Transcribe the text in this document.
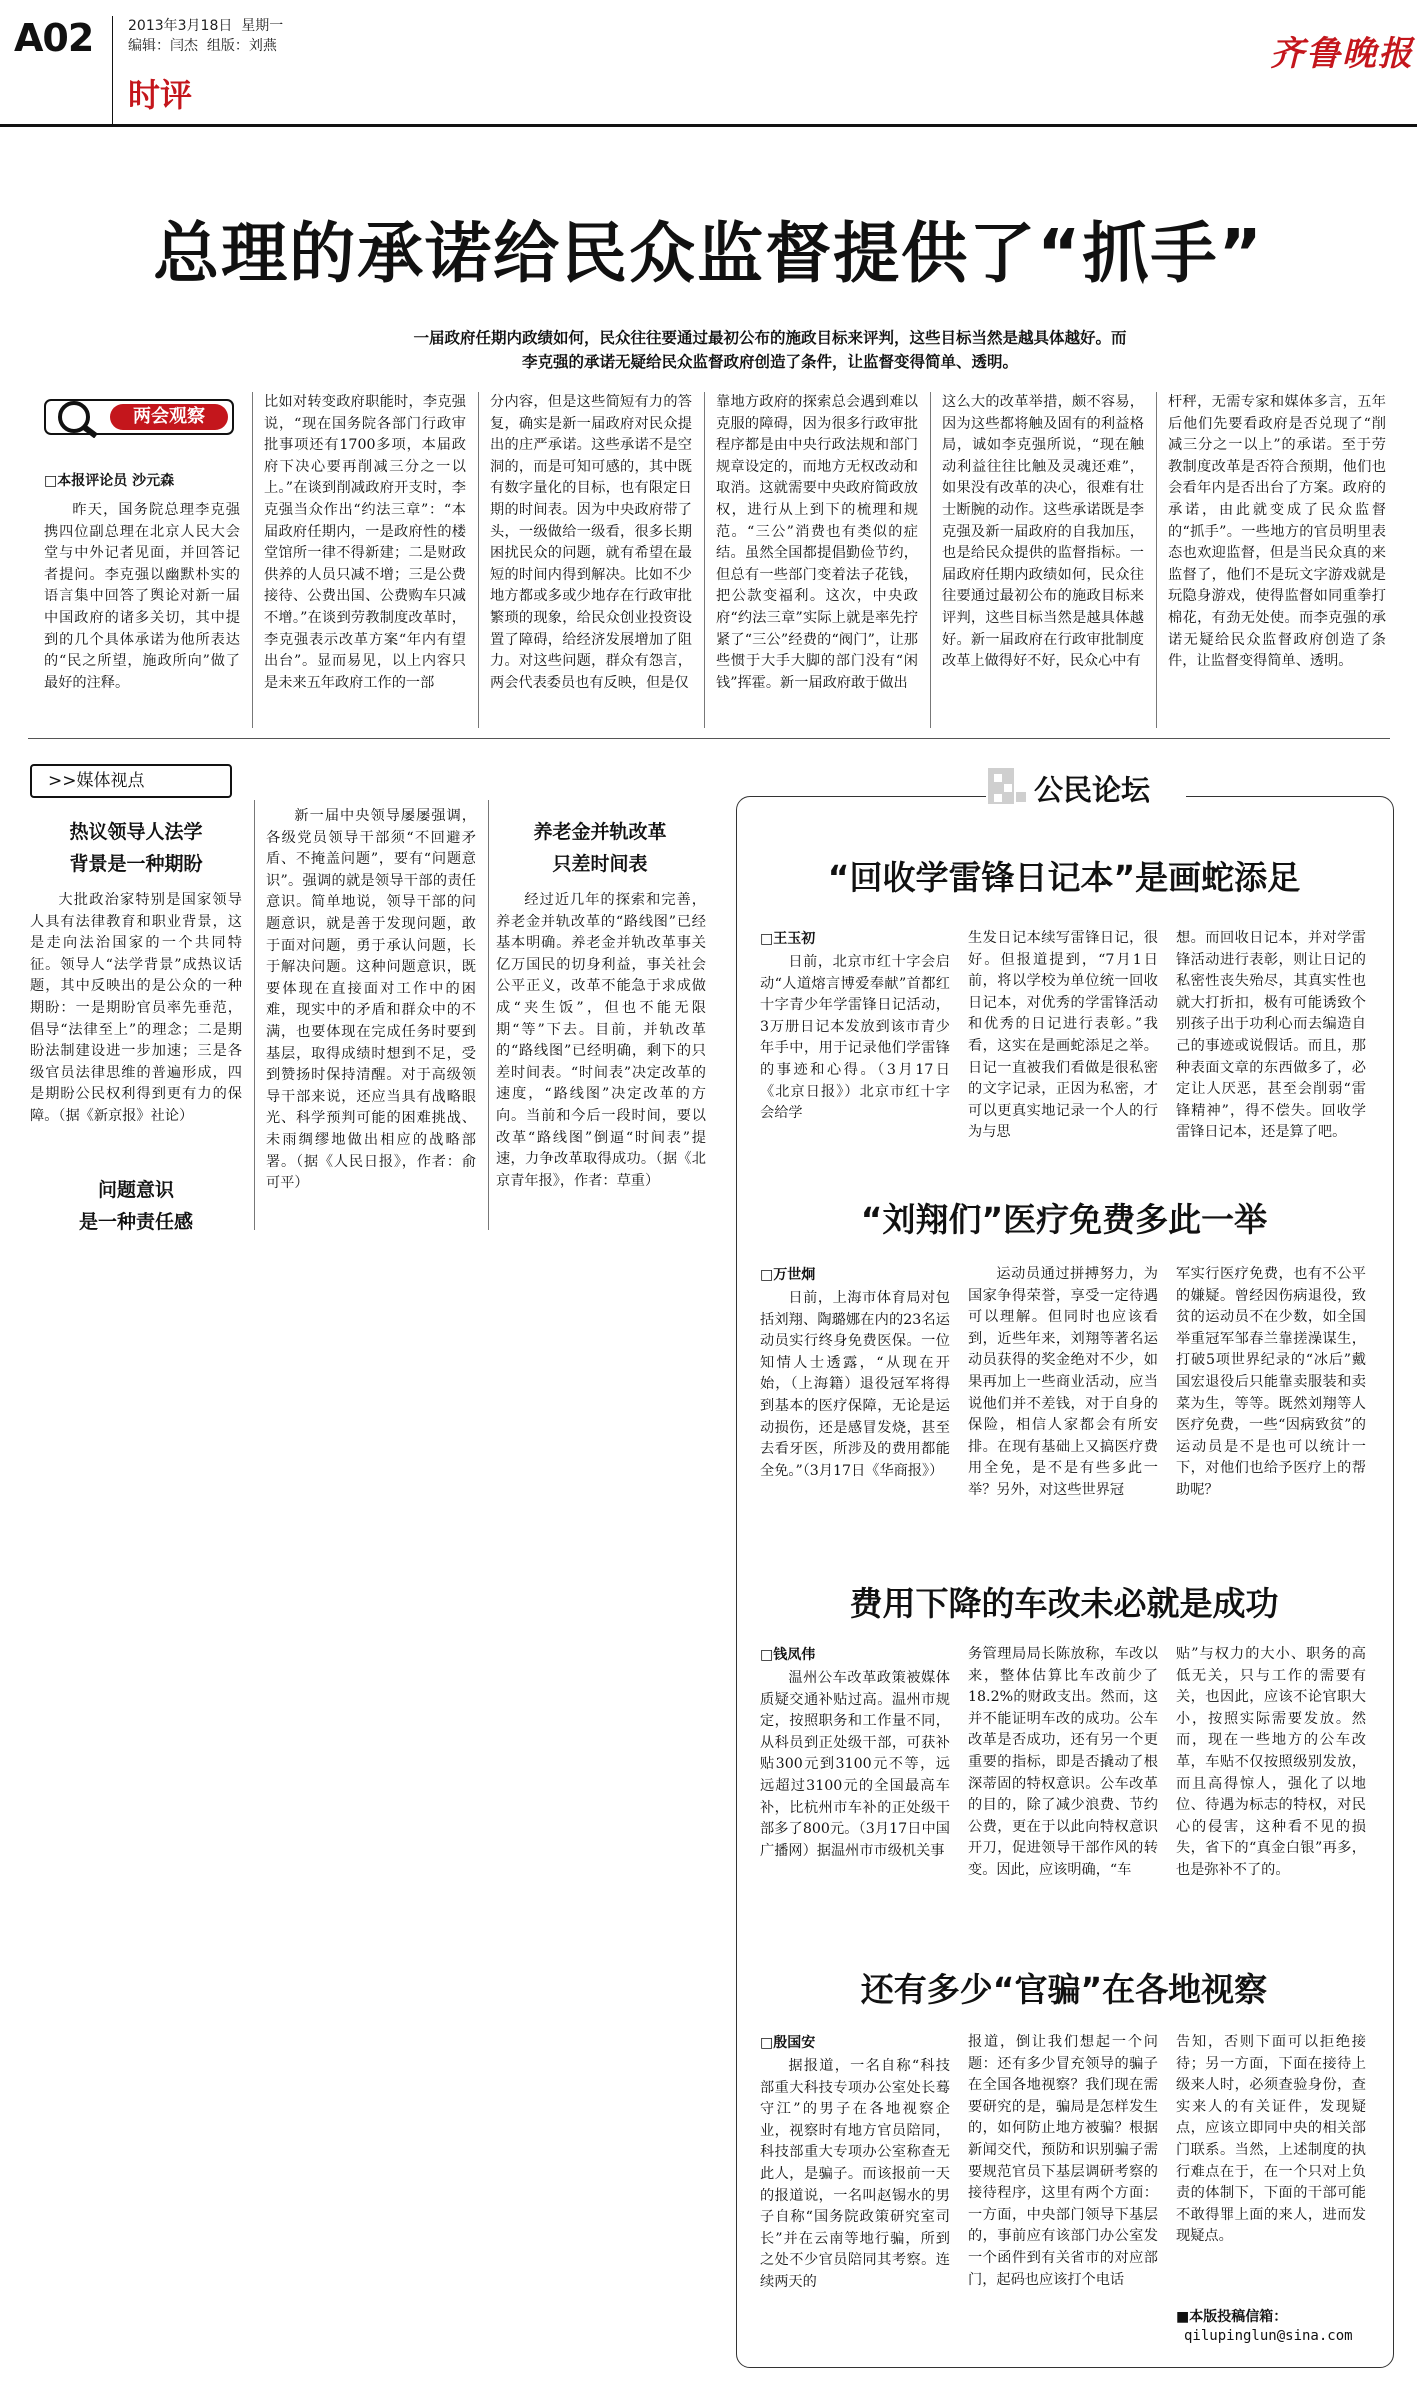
A02 2013年3月18日 星期一
编辑：闫杰 组版：刘燕
时评
齐鲁晚报
总理的承诺给民众监督提供了“抓手”
一届政府任期内政绩如何，民众往往要通过最初公布的施政目标来评判，这些目标当然是越具体越好。而
李克强的承诺无疑给民众监督政府创造了条件，让监督变得简单、透明。
两会观察
□本报评论员 沙元森

昨天，国务院总理李克强携四位副总理在北京人民大会堂与中外记者见面，并回答记者提问。李克强以幽默朴实的语言集中回答了舆论对新一届中国政府的诸多关切，其中提到的几个具体承诺为他所表达的“民之所望，施政所向”做了最好的注释。

比如对转变政府职能时，李克强说，“现在国务院各部门行政审批事项还有1700多项，本届政府下决心要再削减三分之一以上。”在谈到削减政府开支时，李克强当众作出“约法三章”：“本届政府任期内，一是政府性的楼堂馆所一律不得新建；二是财政供养的人员只减不增；三是公费接待、公费出国、公费购车只减不增。”在谈到劳教制度改革时，李克强表示改革方案“年内有望出台”。显而易见，以上内容只是未来五年政府工作的一部

分内容，但是这些简短有力的答复，确实是新一届政府对民众提出的庄严承诺。这些承诺不是空洞的，而是可知可感的，其中既有数字量化的目标，也有限定日期的时间表。因为中央政府带了头，一级做给一级看，很多长期困扰民众的问题，就有希望在最短的时间内得到解决。比如不少地方都或多或少地存在行政审批繁琐的现象，给民众创业投资设置了障碍，给经济发展增加了阻力。对这些问题，群众有怨言，两会代表委员也有反映，但是仅

靠地方政府的探索总会遇到难以克服的障碍，因为很多行政审批程序都是由中央行政法规和部门规章设定的，而地方无权改动和取消。这就需要中央政府简政放权，进行从上到下的梳理和规范。“三公”消费也有类似的症结。虽然全国都提倡勤俭节约，但总有一些部门变着法子花钱，把公款变福利。这次，中央政府“约法三章”实际上就是率先拧紧了“三公”经费的“阀门”，让那些惯于大手大脚的部门没有“闲钱”挥霍。新一届政府敢于做出

这么大的改革举措，颇不容易，因为这些都将触及固有的利益格局，诚如李克强所说，“现在触动利益往往比触及灵魂还难”，如果没有改革的决心，很难有壮士断腕的动作。这些承诺既是李克强及新一届政府的自我加压，也是给民众提供的监督指标。一届政府任期内政绩如何，民众往往要通过最初公布的施政目标来评判，这些目标当然是越具体越好。新一届政府在行政审批制度改革上做得好不好，民众心中有

杆秤，无需专家和媒体多言，五年后他们先要看政府是否兑现了“削减三分之一以上”的承诺。至于劳教制度改革是否符合预期，他们也会看年内是否出台了方案。政府的承诺，由此就变成了民众监督的“抓手”。一些地方的官员明里表态也欢迎监督，但是当民众真的来监督了，他们不是玩文字游戏就是玩隐身游戏，使得监督如同重拳打棉花，有劲无处使。而李克强的承诺无疑给民众监督政府创造了条件，让监督变得简单、透明。

>>媒体视点
热议领导人法学
背景是一种期盼

大批政治家特别是国家领导人具有法律教育和职业背景，这是走向法治国家的一个共同特征。领导人“法学背景”成热议话题，其中反映出的是公众的一种期盼：一是期盼官员率先垂范，倡导“法律至上”的理念；二是期盼法制建设进一步加速；三是各级官员法律思维的普遍形成，四是期盼公民权利得到更有力的保障。（据《新京报》社论）

问题意识
是一种责任感

新一届中央领导屡屡强调，各级党员领导干部须“不回避矛盾、不掩盖问题”，要有“问题意识”。强调的就是领导干部的责任意识。简单地说，领导干部的问题意识，就是善于发现问题，敢于面对问题，勇于承认问题，长于解决问题。这种问题意识，既要体现在直接面对工作中的困难，现实中的矛盾和群众中的不满，也要体现在完成任务时要到基层，取得成绩时想到不足，受到赞扬时保持清醒。对于高级领导干部来说，还应当具有战略眼光、科学预判可能的困难挑战、未雨绸缪地做出相应的战略部署。（据《人民日报》，作者：俞可平）

养老金并轨改革
只差时间表

经过近几年的探索和完善，养老金并轨改革的“路线图”已经基本明确。养老金并轨改革事关亿万国民的切身利益，事关社会公平正义，改革不能急于求成做成“夹生饭”，但也不能无限期“等”下去。目前，并轨改革的“路线图”已经明确，剩下的只差时间表。“时间表”决定改革的速度，“路线图”决定改革的方向。当前和今后一段时间，要以改革“路线图”倒逼“时间表”提速，力争改革取得成功。（据《北京青年报》，作者：草重）

公民论坛
“回收学雷锋日记本”是画蛇添足
□王玉初

日前，北京市红十字会启动“人道熔言博爱奉献”首都红十字青少年学雷锋日记活动，3万册日记本发放到该市青少年手中，用于记录他们学雷锋的事迹和心得。（3月17日《北京日报》）北京市红十字会给学

生发日记本续写雷锋日记，很好。但报道提到，“7月1日前，将以学校为单位统一回收日记本，对优秀的学雷锋活动和优秀的日记进行表彰。”我看，这实在是画蛇添足之举。日记一直被我们看做是很私密的文字记录，正因为私密，才可以更真实地记录一个人的行为与思

想。而回收日记本，并对学雷锋活动进行表彰，则让日记的私密性丧失殆尽，其真实性也就大打折扣，极有可能诱致个别孩子出于功利心而去编造自己的事迹或说假话。而且，那种表面文章的东西做多了，必定让人厌恶，甚至会削弱“雷锋精神”，得不偿失。回收学雷锋日记本，还是算了吧。

“刘翔们”医疗免费多此一举
□万世炯

日前，上海市体育局对包括刘翔、陶璐娜在内的23名运动员实行终身免费医保。一位知情人士透露，“从现在开始，（上海籍）退役冠军将得到基本的医疗保障，无论是运动损伤，还是感冒发烧，甚至去看牙医，所涉及的费用都能全免。”（3月17日《华商报》）

运动员通过拼搏努力，为国家争得荣誉，享受一定待遇可以理解。但同时也应该看到，近些年来，刘翔等著名运动员获得的奖金绝对不少，如果再加上一些商业活动，应当说他们并不差钱，对于自身的保险，相信人家都会有所安排。在现有基础上又搞医疗费用全免，是不是有些多此一举？另外，对这些世界冠

军实行医疗免费，也有不公平的嫌疑。曾经因伤病退役，致贫的运动员不在少数，如全国举重冠军邹春兰靠搓澡谋生，打破5项世界纪录的“冰后”戴国宏退役后只能靠卖服装和卖菜为生，等等。既然刘翔等人医疗免费，一些“因病致贫”的运动员是不是也可以统计一下，对他们也给予医疗上的帮助呢？

费用下降的车改未必就是成功
□钱凤伟

温州公车改革政策被媒体质疑交通补贴过高。温州市规定，按照职务和工作量不同，从科员到正处级干部，可获补贴300元到3100元不等，远远超过3100元的全国最高车补，比杭州市车补的正处级干部多了800元。（3月17日中国广播网）据温州市市级机关事

务管理局局长陈放称，车改以来，整体估算比车改前少了18.2%的财政支出。然而，这并不能证明车改的成功。公车改革是否成功，还有另一个更重要的指标，即是否撬动了根深蒂固的特权意识。公车改革的目的，除了减少浪费、节约公费，更在于以此向特权意识开刀，促进领导干部作风的转变。因此，应该明确，“车

贴”与权力的大小、职务的高低无关，只与工作的需要有关，也因此，应该不论官职大小，按照实际需要发放。然而，现在一些地方的公车改革，车贴不仅按照级别发放，而且高得惊人，强化了以地位、待遇为标志的特权，对民心的侵害，这种看不见的损失，省下的“真金白银”再多，也是弥补不了的。

还有多少“官骗”在各地视察
□殷国安

据报道，一名自称“科技部重大科技专项办公室处长蓦守江”的男子在各地视察企业，视察时有地方官员陪同，科技部重大专项办公室称查无此人，是骗子。而该报前一天的报道说，一名叫赵锡水的男子自称“国务院政策研究室司长”并在云南等地行骗，所到之处不少官员陪同其考察。连续两天的

报道，倒让我们想起一个问题：还有多少冒充领导的骗子在全国各地视察？我们现在需要研究的是，骗局是怎样发生的，如何防止地方被骗？根据新闻交代，预防和识别骗子需要规范官员下基层调研考察的接待程序，这里有两个方面：一方面，中央部门领导下基层的，事前应有该部门办公室发一个函件到有关省市的对应部门，起码也应该打个电话

告知，否则下面可以拒绝接待；另一方面，下面在接待上级来人时，必须查验身份，查实来人的有关证件，发现疑点，应该立即同中央的相关部门联系。当然，上述制度的执行难点在于，在一个只对上负责的体制下，下面的干部可能不敢得罪上面的来人，进而发现疑点。

■本版投稿信箱：
qilupinglun@sina.com
